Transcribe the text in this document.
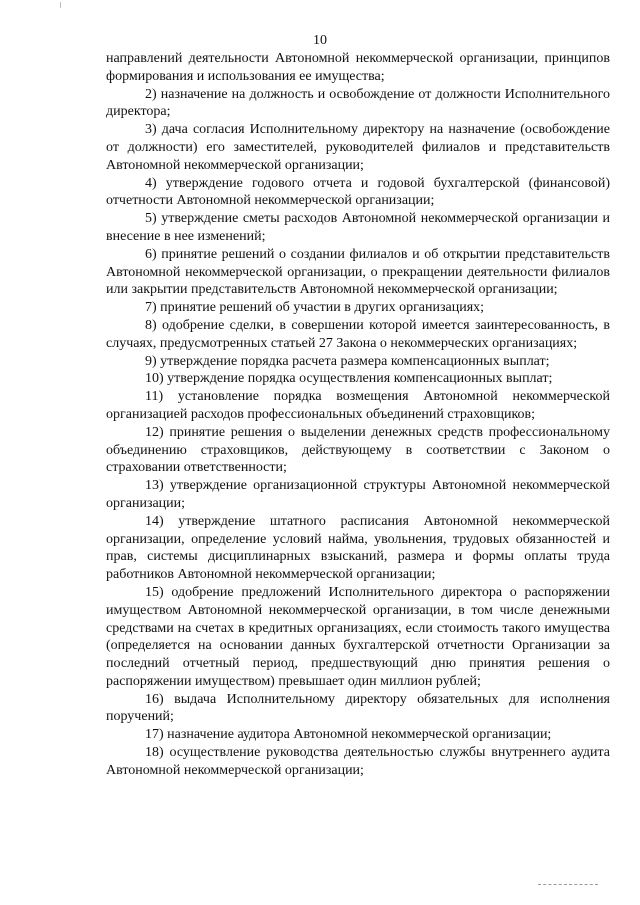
10

направлений деятельности Автономной некоммерческой организации, принципов формирования и использования ее имущества;

2) назначение на должность и освобождение от должности Исполнительного директора;

3) дача согласия Исполнительному директору на назначение (освобождение от должности) его заместителей, руководителей филиалов и представительств Автономной некоммерческой организации;

4) утверждение годового отчета и годовой бухгалтерской (финансовой) отчетности Автономной некоммерческой организации;

5) утверждение сметы расходов Автономной некоммерческой организации и внесение в нее изменений;

6) принятие решений о создании филиалов и об открытии представительств Автономной некоммерческой организации, о прекращении деятельности филиалов или закрытии представительств Автономной некоммерческой организации;

7) принятие решений об участии в других организациях;

8) одобрение сделки, в совершении которой имеется заинтересованность, в случаях, предусмотренных статьей 27 Закона о некоммерческих организациях;

9) утверждение порядка расчета размера компенсационных выплат;

10) утверждение порядка осуществления компенсационных выплат;

11) установление порядка возмещения Автономной некоммерческой организацией расходов профессиональных объединений страховщиков;

12) принятие решения о выделении денежных средств профессиональному объединению страховщиков, действующему в соответствии с Законом о страховании ответственности;

13) утверждение организационной структуры Автономной некоммерческой организации;

14) утверждение штатного расписания Автономной некоммерческой организации, определение условий найма, увольнения, трудовых обязанностей и прав, системы дисциплинарных взысканий, размера и формы оплаты труда работников Автономной некоммерческой организации;

15) одобрение предложений Исполнительного директора о распоряжении имуществом Автономной некоммерческой организации, в том числе денежными средствами на счетах в кредитных организациях, если стоимость такого имущества (определяется на основании данных бухгалтерской отчетности Организации за последний отчетный период, предшествующий дню принятия решения о распоряжении имуществом) превышает один миллион рублей;

16) выдача Исполнительному директору обязательных для исполнения поручений;

17) назначение аудитора Автономной некоммерческой организации;

18) осуществление руководства деятельностью службы внутреннего аудита Автономной некоммерческой организации;
